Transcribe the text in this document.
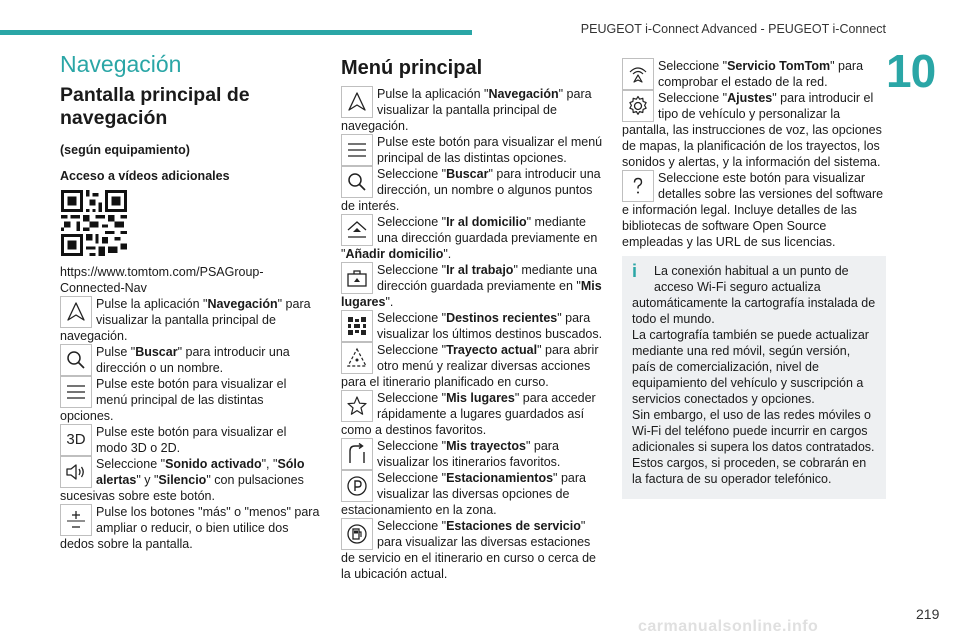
PEUGEOT i-Connect Advanced - PEUGEOT i-Connect
10
219
carmanualsonline.info
Navegación
Pantalla principal de navegación
(según equipamiento)
Acceso a vídeos adicionales
https://www.tomtom.com/PSAGroup-Connected-Nav
Pulse la aplicación "Navegación" para visualizar la pantalla principal de navegación.
Pulse "Buscar" para introducir una dirección o un nombre.
Pulse este botón para visualizar el menú principal de las distintas opciones.
3D Pulse este botón para visualizar el modo 3D o 2D.
Seleccione "Sonido activado", "Sólo alertas" y "Silencio" con pulsaciones sucesivas sobre este botón.
Pulse los botones "más" o "menos" para ampliar o reducir, o bien utilice dos dedos sobre la pantalla.
Menú principal
Pulse la aplicación "Navegación" para visualizar la pantalla principal de navegación.
Pulse este botón para visualizar el menú principal de las distintas opciones.
Seleccione "Buscar" para introducir una dirección, un nombre o algunos puntos de interés.
Seleccione "Ir al domicilio" mediante una dirección guardada previamente en "Añadir domicilio".
Seleccione "Ir al trabajo" mediante una dirección guardada previamente en "Mis lugares".
Seleccione "Destinos recientes" para visualizar los últimos destinos buscados.
Seleccione "Trayecto actual" para abrir otro menú y realizar diversas acciones para el itinerario planificado en curso.
Seleccione "Mis lugares" para acceder rápidamente a lugares guardados así como a destinos favoritos.
Seleccione "Mis trayectos" para visualizar los itinerarios favoritos.
Seleccione "Estacionamientos" para visualizar las diversas opciones de estacionamiento en la zona.
Seleccione "Estaciones de servicio" para visualizar las diversas estaciones de servicio en el itinerario en curso o cerca de la ubicación actual.
Seleccione "Servicio TomTom" para comprobar el estado de la red.
Seleccione "Ajustes" para introducir el tipo de vehículo y personalizar la pantalla, las instrucciones de voz, las opciones de mapas, la planificación de los trayectos, los sonidos y alertas, y la información del sistema.
Seleccione este botón para visualizar detalles sobre las versiones del software e información legal. Incluye detalles de las bibliotecas de software Open Source empleadas y las URL de sus licencias.
i	La conexión habitual a un punto de acceso Wi-Fi seguro actualiza
automáticamente la cartografía instalada de todo el mundo.
La cartografía también se puede actualizar mediante una red móvil, según versión, país de comercialización, nivel de equipamiento del vehículo y suscripción a servicios conectados y opciones.
Sin embargo, el uso de las redes móviles o Wi-Fi del teléfono puede incurrir en cargos adicionales si supera los datos contratados.
Estos cargos, si proceden, se cobrarán en la factura de su operador telefónico.
